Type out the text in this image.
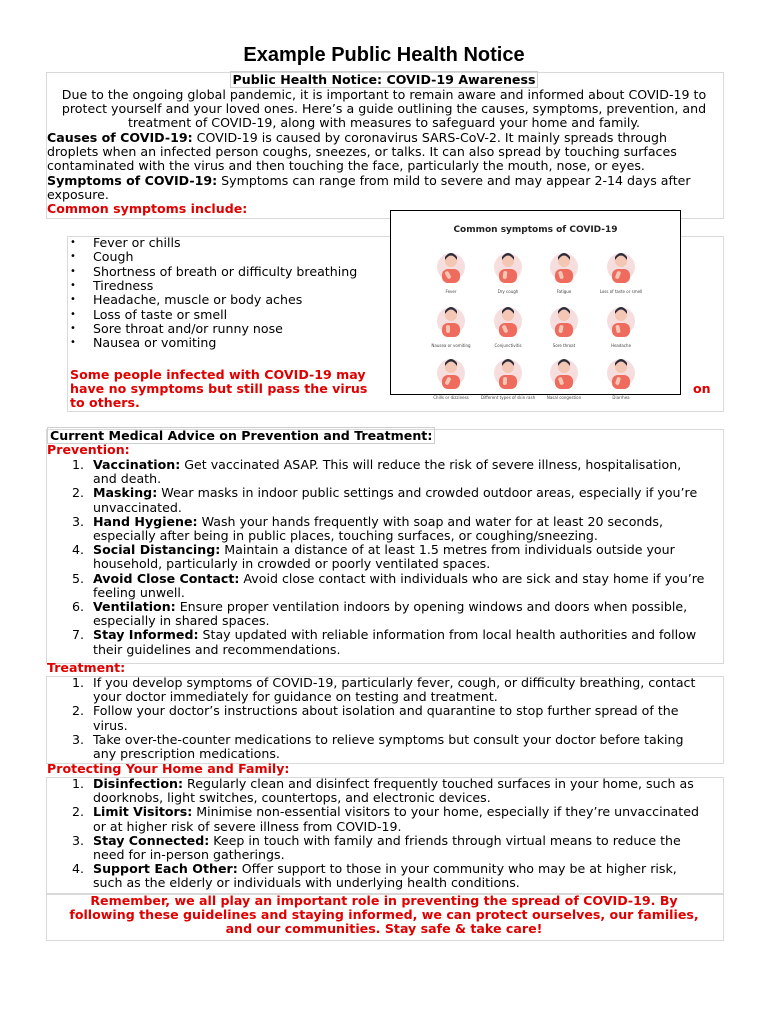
Example Public Health Notice
Public Health Notice: COVID-19 Awareness
Due to the ongoing global pandemic, it is important to remain aware and informed about COVID-19 to
protect yourself and your loved ones. Here’s a guide outlining the causes, symptoms, prevention, and
treatment of COVID-19, along with measures to safeguard your home and family.
Causes of COVID-19: COVID-19 is caused by coronavirus SARS-CoV-2. It mainly spreads through
droplets when an infected person coughs, sneezes, or talks. It can also spread by touching surfaces
contaminated with the virus and then touching the face, particularly the mouth, nose, or eyes.
Symptoms of COVID-19: Symptoms can range from mild to severe and may appear 2-14 days after
exposure.
Common symptoms include:
• Fever or chills
• Cough
• Shortness of breath or difficulty breathing
• Tiredness
• Headache, muscle or body aches
• Loss of taste or smell
• Sore throat and/or runny nose
• Nausea or vomiting
Some people infected with COVID-19 may
have no symptoms but still pass the virus	on
to others.
Common symptoms of COVID-19
Fever	Dry cough	Fatigue	Loss of taste or smell
Nausea or vomiting	Conjunctivitis	Sore throat	Headache
Chills or dizziness	Different types of skin rash	Nasal congestion	Diarrhea
Current Medical Advice on Prevention and Treatment:
Prevention:
1. Vaccination: Get vaccinated ASAP. This will reduce the risk of severe illness, hospitalisation,
and death.
2. Masking: Wear masks in indoor public settings and crowded outdoor areas, especially if you’re
unvaccinated.
3. Hand Hygiene: Wash your hands frequently with soap and water for at least 20 seconds,
especially after being in public places, touching surfaces, or coughing/sneezing.
4. Social Distancing: Maintain a distance of at least 1.5 metres from individuals outside your
household, particularly in crowded or poorly ventilated spaces.
5. Avoid Close Contact: Avoid close contact with individuals who are sick and stay home if you’re
feeling unwell.
6. Ventilation: Ensure proper ventilation indoors by opening windows and doors when possible,
especially in shared spaces.
7. Stay Informed: Stay updated with reliable information from local health authorities and follow
their guidelines and recommendations.
Treatment:
1. If you develop symptoms of COVID-19, particularly fever, cough, or difficulty breathing, contact
your doctor immediately for guidance on testing and treatment.
2. Follow your doctor’s instructions about isolation and quarantine to stop further spread of the
virus.
3. Take over-the-counter medications to relieve symptoms but consult your doctor before taking
any prescription medications.
Protecting Your Home and Family:
1. Disinfection: Regularly clean and disinfect frequently touched surfaces in your home, such as
doorknobs, light switches, countertops, and electronic devices.
2. Limit Visitors: Minimise non-essential visitors to your home, especially if they’re unvaccinated
or at higher risk of severe illness from COVID-19.
3. Stay Connected: Keep in touch with family and friends through virtual means to reduce the
need for in-person gatherings.
4. Support Each Other: Offer support to those in your community who may be at higher risk,
such as the elderly or individuals with underlying health conditions.
Remember, we all play an important role in preventing the spread of COVID-19. By
following these guidelines and staying informed, we can protect ourselves, our families,
and our communities. Stay safe & take care!
